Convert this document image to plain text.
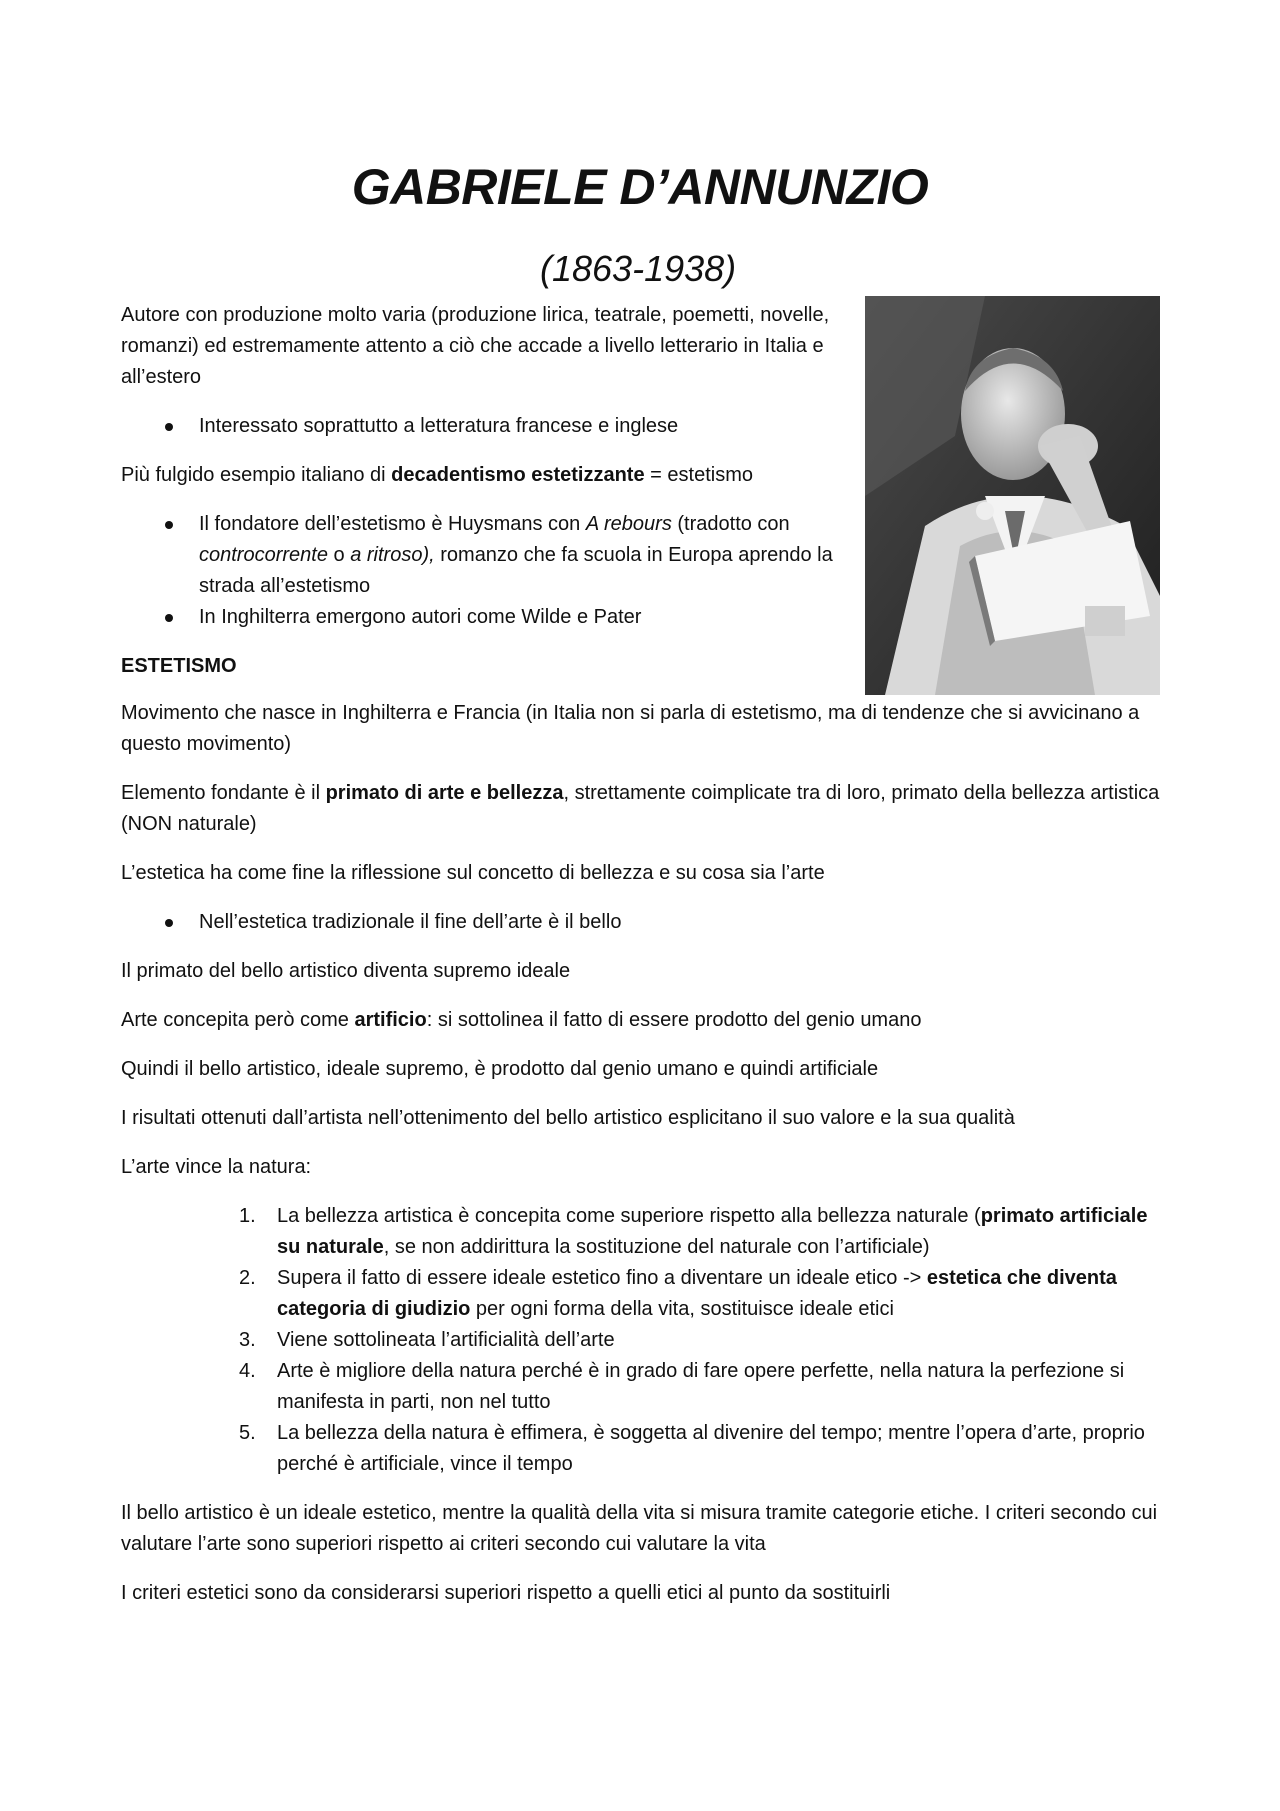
GABRIELE D’ANNUNZIO
(1863-1938)

Autore con produzione molto varia (produzione lirica, teatrale, poemetti, novelle, romanzi) ed estremamente attento a ciò che accade a livello letterario in Italia e all’estero

Interessato soprattutto a letteratura francese e inglese

Più fulgido esempio italiano di decadentismo estetizzante = estetismo

Il fondatore dell’estetismo è Huysmans con A rebours (tradotto con controcorrente o a ritroso), romanzo che fa scuola in Europa aprendo la strada all’estetismo
In Inghilterra emergono autori come Wilde e Pater

ESTETISMO

Movimento che nasce in Inghilterra e Francia (in Italia non si parla di estetismo, ma di tendenze che si avvicinano a questo movimento)

Elemento fondante è il primato di arte e bellezza, strettamente coimplicate tra di loro, primato della bellezza artistica (NON naturale)

L’estetica ha come fine la riflessione sul concetto di bellezza e su cosa sia l’arte

Nell’estetica tradizionale il fine dell’arte è il bello

Il primato del bello artistico diventa supremo ideale

Arte concepita però come artificio: si sottolinea il fatto di essere prodotto del genio umano

Quindi il bello artistico, ideale supremo, è prodotto dal genio umano e quindi artificiale

I risultati ottenuti dall’artista nell’ottenimento del bello artistico esplicitano il suo valore e la sua qualità

L’arte vince la natura:

1. La bellezza artistica è concepita come superiore rispetto alla bellezza naturale (primato artificiale su naturale, se non addirittura la sostituzione del naturale con l’artificiale)
2. Supera il fatto di essere ideale estetico fino a diventare un ideale etico -> estetica che diventa categoria di giudizio per ogni forma della vita, sostituisce ideale etici
3. Viene sottolineata l’artificialità dell’arte
4. Arte è migliore della natura perché è in grado di fare opere perfette, nella natura la perfezione si manifesta in parti, non nel tutto
5. La bellezza della natura è effimera, è soggetta al divenire del tempo; mentre l’opera d’arte, proprio perché è artificiale, vince il tempo

Il bello artistico è un ideale estetico, mentre la qualità della vita si misura tramite categorie etiche. I criteri secondo cui valutare l’arte sono superiori rispetto ai criteri secondo cui valutare la vita

I criteri estetici sono da considerarsi superiori rispetto a quelli etici al punto da sostituirli
